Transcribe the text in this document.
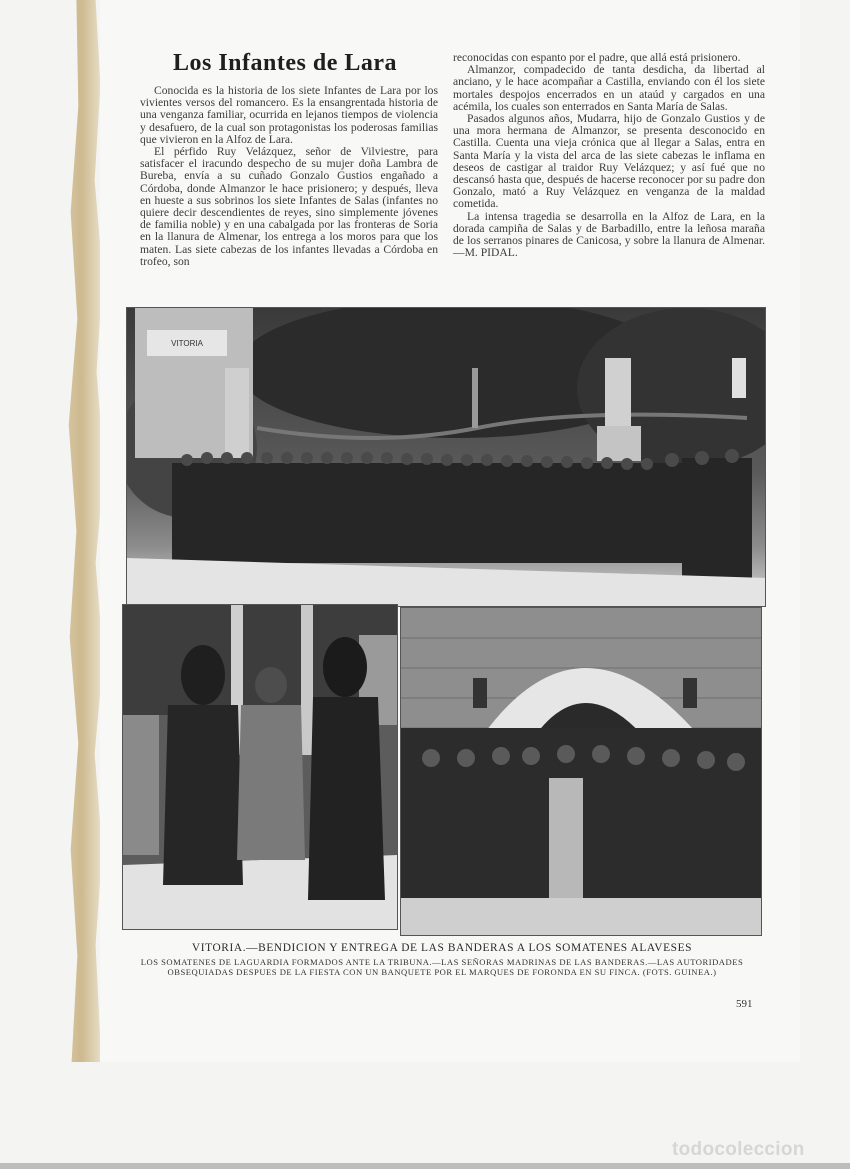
Los Infantes de Lara

Conocida es la historia de los siete Infantes de Lara por los vivientes versos del romancero. Es la ensangrentada historia de una venganza familiar, ocurrida en lejanos tiempos de violencia y desafuero, de la cual son protagonistas los poderosas familias que vivieron en la Alfoz de Lara.

El pérfido Ruy Velázquez, señor de Vilviestre, para satisfacer el iracundo despecho de su mujer doña Lambra de Bureba, envía a su cuñado Gonzalo Gustios engañado a Córdoba, donde Almanzor le hace prisionero; y después, lleva en hueste a sus sobrinos los siete Infantes de Salas (infantes no quiere decir descendientes de reyes, sino simplemente jóvenes de familia noble) y en una cabalgada por las fronteras de Soria en la llanura de Almenar, los entrega a los moros para que los maten. Las siete cabezas de los infantes llevadas a Córdoba en trofeo, son

reconocidas con espanto por el padre, que allá está prisionero.

Almanzor, compadecido de tanta desdicha, da libertad al anciano, y le hace acompañar a Castilla, enviando con él los siete mortales despojos encerrados en un ataúd y cargados en una acémila, los cuales son enterrados en Santa María de Salas.

Pasados algunos años, Mudarra, hijo de Gonzalo Gustios y de una mora hermana de Almanzor, se presenta desconocido en Castilla. Cuenta una vieja crónica que al llegar a Salas, entra en Santa María y la vista del arca de las siete cabezas le inflama en deseos de castigar al traidor Ruy Velázquez; y así fué que no descansó hasta que, después de hacerse reconocer por su padre don Gonzalo, mató a Ruy Velázquez en venganza de la maldad cometida.

La intensa tragedia se desarrolla en la Alfoz de Lara, en la dorada campiña de Salas y de Barbadillo, entre la leñosa maraña de los serranos pinares de Canicosa, y sobre la llanura de Almenar.—M. PIDAL.

VITORIA
VITORIA.—BENDICION Y ENTREGA DE LAS BANDERAS A LOS SOMATENES ALAVESES
LOS SOMATENES DE LAGUARDIA FORMADOS ANTE LA TRIBUNA.—LAS SEÑORAS MADRINAS DE LAS BANDERAS.—LAS AUTORIDADES OBSEQUIADAS DESPUES DE LA FIESTA CON UN BANQUETE POR EL MARQUES DE FORONDA EN SU FINCA. (FOTS. GUINEA.)
591
todocoleccion
